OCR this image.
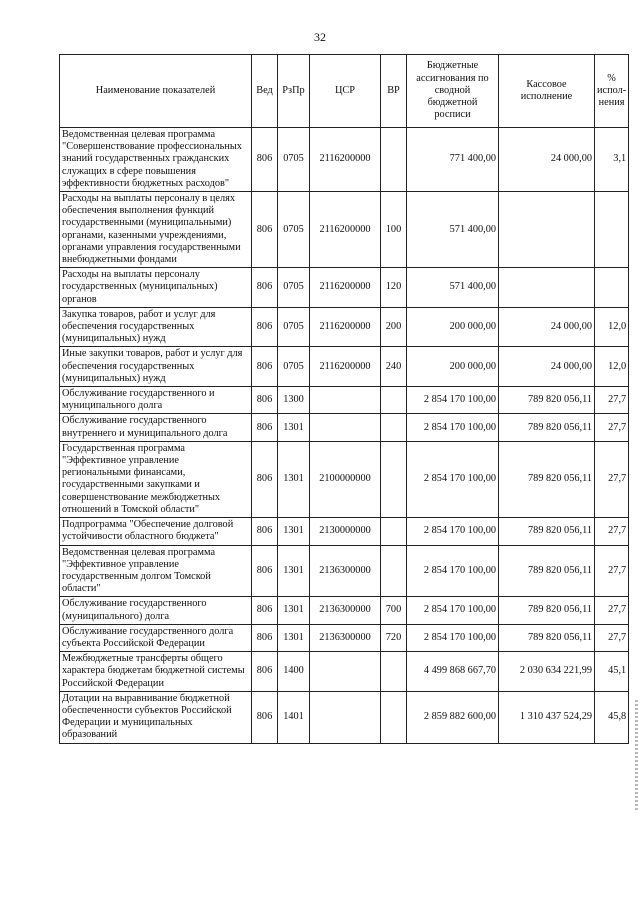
32
Наименование показателей	Вед	РзПр	ЦСР	ВР	Бюджетные ассигнования по сводной бюджетной росписи	Кассовое исполнение	% испол-нения
Ведомственная целевая программа "Совершенствование профессиональных знаний государственных гражданских служащих в сфере повышения эффективности бюджетных расходов"	806	0705	2116200000		771 400,00	24 000,00	3,1
Расходы на выплаты персоналу в целях обеспечения выполнения функций государственными (муниципальными) органами, казенными учреждениями, органами управления государственными внебюджетными фондами	806	0705	2116200000	100	571 400,00		
Расходы на выплаты персоналу государственных (муниципальных) органов	806	0705	2116200000	120	571 400,00		
Закупка товаров, работ и услуг для обеспечения государственных (муниципальных) нужд	806	0705	2116200000	200	200 000,00	24 000,00	12,0
Иные закупки товаров, работ и услуг для обеспечения государственных (муниципальных) нужд	806	0705	2116200000	240	200 000,00	24 000,00	12,0
Обслуживание государственного и муниципального долга	806	1300			2 854 170 100,00	789 820 056,11	27,7
Обслуживание государственного внутреннего и муниципального долга	806	1301			2 854 170 100,00	789 820 056,11	27,7
Государственная программа "Эффективное управление региональными финансами, государственными закупками и совершенствование межбюджетных отношений в Томской области"	806	1301	2100000000		2 854 170 100,00	789 820 056,11	27,7
Подпрограмма "Обеспечение долговой устойчивости областного бюджета"	806	1301	2130000000		2 854 170 100,00	789 820 056,11	27,7
Ведомственная целевая программа "Эффективное управление государственным долгом Томской области"	806	1301	2136300000		2 854 170 100,00	789 820 056,11	27,7
Обслуживание государственного (муниципального) долга	806	1301	2136300000	700	2 854 170 100,00	789 820 056,11	27,7
Обслуживание государственного долга субъекта Российской Федерации	806	1301	2136300000	720	2 854 170 100,00	789 820 056,11	27,7
Межбюджетные трансферты общего характера бюджетам бюджетной системы Российской Федерации	806	1400			4 499 868 667,70	2 030 634 221,99	45,1
Дотации на выравнивание бюджетной обеспеченности субъектов Российской Федерации и муниципальных образований	806	1401			2 859 882 600,00	1 310 437 524,29	45,8
